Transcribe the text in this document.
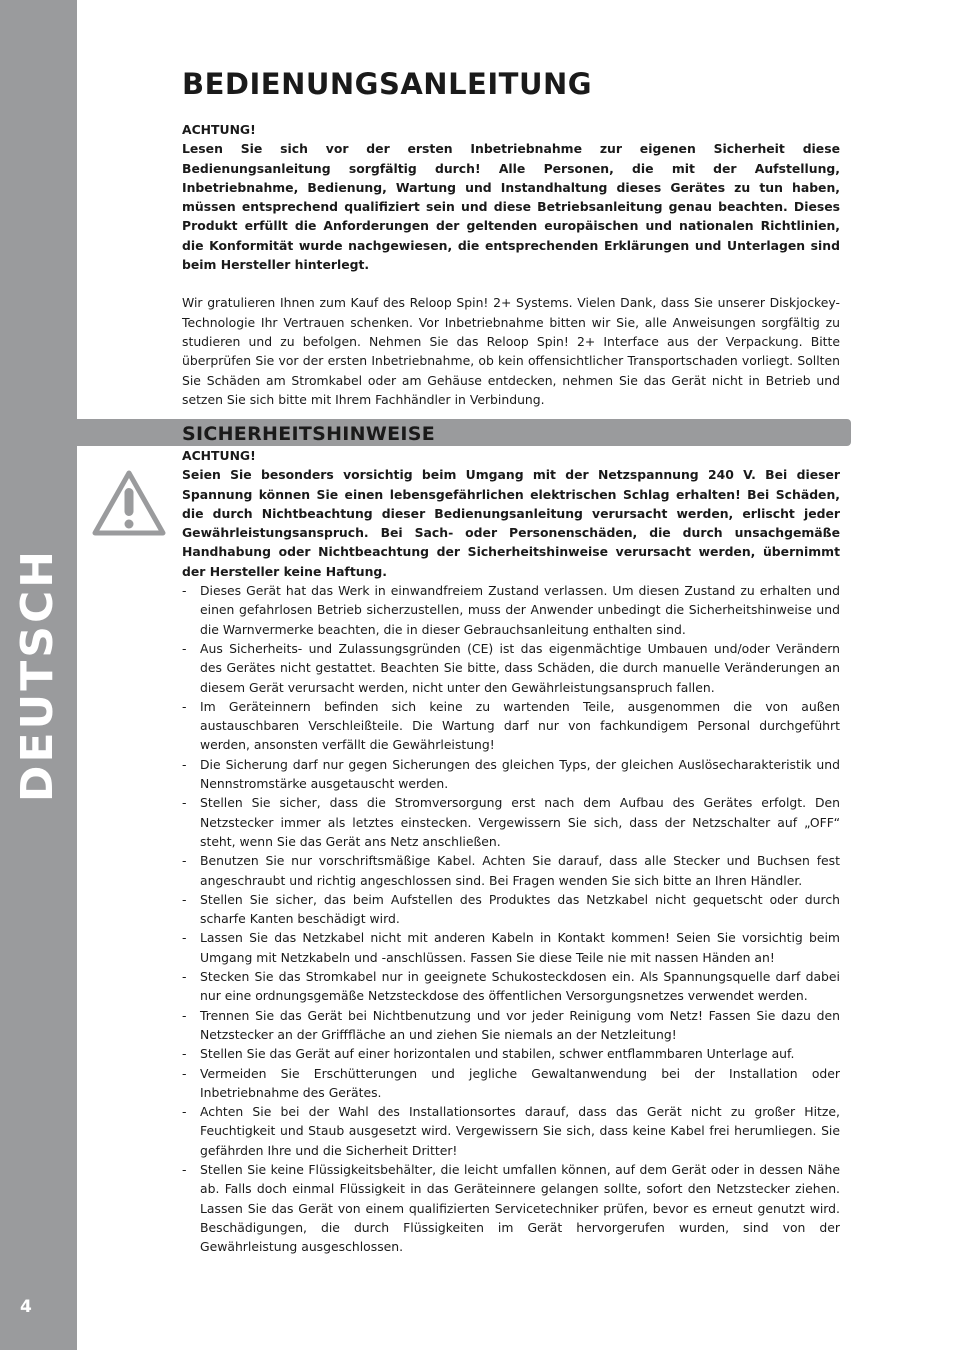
DEUTSCH
4
BEDIENUNGSANLEITUNG

ACHTUNG!

Lesen Sie sich vor der ersten Inbetriebnahme zur eigenen Sicherheit diese Bedienungsanleitung sorgfältig durch! Alle Personen, die mit der Aufstellung, Inbetriebnahme, Bedienung, Wartung und Instandhaltung dieses Gerätes zu tun haben, müssen entsprechend qualifiziert sein und diese Betriebsanleitung genau beachten. Dieses Produkt erfüllt die Anforderungen der geltenden europäischen und nationalen Richtlinien, die Konformität wurde nachgewiesen, die entsprechenden Erklärungen und Unterlagen sind beim Hersteller hinterlegt.

Wir gratulieren Ihnen zum Kauf des Reloop Spin! 2+ Systems. Vielen Dank, dass Sie unserer Diskjockey-Technologie Ihr Vertrauen schenken. Vor Inbetriebnahme bitten wir Sie, alle Anweisungen sorgfältig zu studieren und zu befolgen. Nehmen Sie das Reloop Spin! 2+ Interface aus der Verpackung. Bitte überprüfen Sie vor der ersten Inbetriebnahme, ob kein offensichtlicher Transportschaden vorliegt. Sollten Sie Schäden am Stromkabel oder am Gehäuse entdecken, nehmen Sie das Gerät nicht in Betrieb und setzen Sie sich bitte mit Ihrem Fachhändler in Verbindung.

SICHERHEITSHINWEISE

ACHTUNG!

Seien Sie besonders vorsichtig beim Umgang mit der Netzspannung 240 V. Bei dieser Spannung können Sie einen lebensgefährlichen elektrischen Schlag erhalten! Bei Schäden, die durch Nichtbeachtung dieser Bedienungsanleitung verursacht werden, erlischt jeder Gewährleistungsanspruch. Bei Sach- oder Personenschäden, die durch unsachgemäße Handhabung oder Nichtbeachtung der Sicherheitshinweise verursacht werden, übernimmt der Hersteller keine Haftung.

- Dieses Gerät hat das Werk in einwandfreiem Zustand verlassen. Um diesen Zustand zu erhalten und einen gefahrlosen Betrieb sicherzustellen, muss der Anwender unbedingt die Sicherheitshinweise und die Warnvermerke beachten, die in dieser Gebrauchsanleitung enthalten sind.
- Aus Sicherheits- und Zulassungsgründen (CE) ist das eigenmächtige Umbauen und/oder Verändern des Gerätes nicht gestattet. Beachten Sie bitte, dass Schäden, die durch manuelle Veränderungen an diesem Gerät verursacht werden, nicht unter den Gewährleistungsanspruch fallen.
- Im Geräteinnern befinden sich keine zu wartenden Teile, ausgenommen die von außen austauschbaren Verschleißteile. Die Wartung darf nur von fachkundigem Personal durchgeführt werden, ansonsten verfällt die Gewährleistung!
- Die Sicherung darf nur gegen Sicherungen des gleichen Typs, der gleichen Auslösecharakteristik und Nennstromstärke ausgetauscht werden.
- Stellen Sie sicher, dass die Stromversorgung erst nach dem Aufbau des Gerätes erfolgt. Den Netzstecker immer als letztes einstecken. Vergewissern Sie sich, dass der Netzschalter auf „OFF“ steht, wenn Sie das Gerät ans Netz anschließen.
- Benutzen Sie nur vorschriftsmäßige Kabel. Achten Sie darauf, dass alle Stecker und Buchsen fest angeschraubt und richtig angeschlossen sind. Bei Fragen wenden Sie sich bitte an Ihren Händler.
- Stellen Sie sicher, das beim Aufstellen des Produktes das Netzkabel nicht gequetscht oder durch scharfe Kanten beschädigt wird.
- Lassen Sie das Netzkabel nicht mit anderen Kabeln in Kontakt kommen! Seien Sie vorsichtig beim Umgang mit Netzkabeln und -anschlüssen. Fassen Sie diese Teile nie mit nassen Händen an!
- Stecken Sie das Stromkabel nur in geeignete Schukosteckdosen ein. Als Spannungsquelle darf dabei nur eine ordnungsgemäße Netzsteckdose des öffentlichen Versorgungsnetzes verwendet werden.
- Trennen Sie das Gerät bei Nichtbenutzung und vor jeder Reinigung vom Netz! Fassen Sie dazu den Netzstecker an der Grifffläche an und ziehen Sie niemals an der Netzleitung!
- Stellen Sie das Gerät auf einer horizontalen und stabilen, schwer entflammbaren Unterlage auf.
- Vermeiden Sie Erschütterungen und jegliche Gewaltanwendung bei der Installation oder Inbetriebnahme des Gerätes.
- Achten Sie bei der Wahl des Installationsortes darauf, dass das Gerät nicht zu großer Hitze, Feuchtigkeit und Staub ausgesetzt wird. Vergewissern Sie sich, dass keine Kabel frei herumliegen. Sie gefährden Ihre und die Sicherheit Dritter!
- Stellen Sie keine Flüssigkeitsbehälter, die leicht umfallen können, auf dem Gerät oder in dessen Nähe ab. Falls doch einmal Flüssigkeit in das Geräteinnere gelangen sollte, sofort den Netzstecker ziehen. Lassen Sie das Gerät von einem qualifizierten Servicetechniker prüfen, bevor es erneut genutzt wird. Beschädigungen, die durch Flüssigkeiten im Gerät hervorgerufen wurden, sind von der Gewährleistung ausgeschlossen.
